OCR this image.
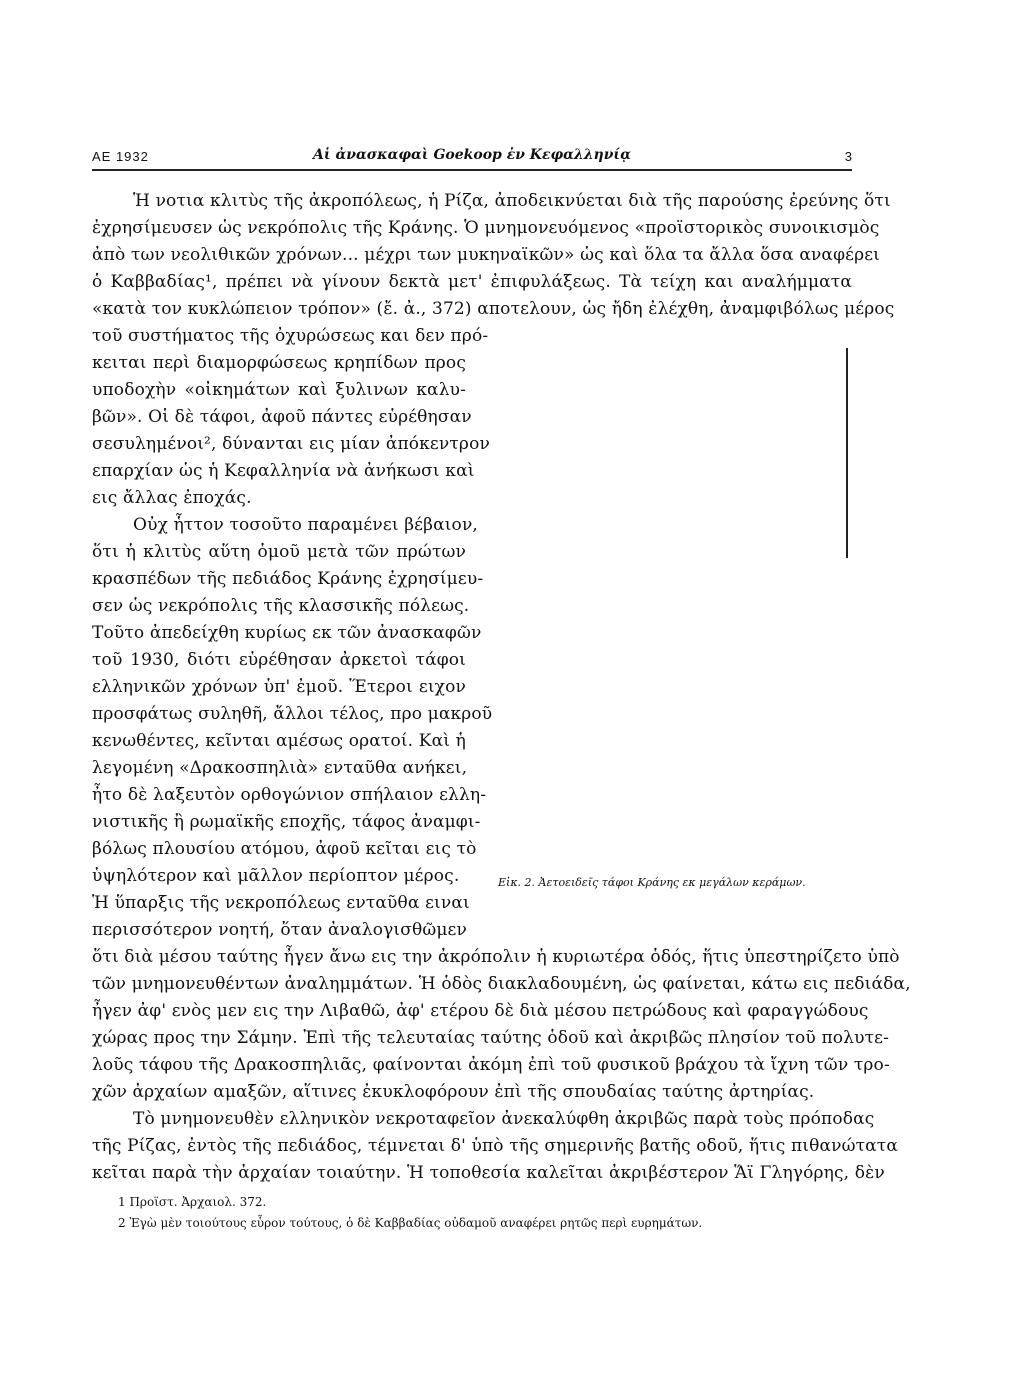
AE 1932	Αἱ ἀνασκαφαὶ Goekoop ἐν Κεφαλληνίᾳ	3
Εἰκ. 2. Ἀετοειδεῖς τάφοι Κράνης εκ μεγάλων κεράμων.
Ἡ νοτια κλιτὺς τῆς ἀκροπόλεως, ἡ Ρίζα, ἀποδεικνύεται διὰ τῆς παρούσης ἐρεύνης ὅτι
ἐχρησίμευσεν ὡς νεκρόπολις τῆς Κράνης. Ὁ μνημονευόμενος «προϊστορικὸς συνοικισμὸς
ἀπὸ των νεολιθικῶν χρόνων... μέχρι των μυκηναϊκῶν» ὡς καὶ ὅλα τα ἄλλα ὅσα αναφέρει
ὁ Καββαδίας¹, πρέπει νὰ γίνουν δεκτὰ μετ' ἐπιφυλάξεως. Τὰ τείχη και αναλήμματα
«κατὰ τον κυκλώπειον τρόπον» (ἔ. ἀ., 372) αποτελουν, ὡς ἤδη ἐλέχθη, ἀναμφιβόλως μέρος
τοῦ συστήματος τῆς ὀχυρώσεως και δεν πρό-
κειται περὶ διαμορφώσεως κρηπίδων προς
υποδοχὴν «οἰκημάτων καὶ ξυλινων καλυ-
βῶν». Οἱ δὲ τάφοι, ἀφοῦ πάντες εὑρέθησαν
σεσυλημένοι², δύνανται εις μίαν ἀπόκεντρον
επαρχίαν ὡς ἡ Κεφαλληνία νὰ ἀνήκωσι καὶ
εις ἄλλας ἐποχάς.
Οὐχ ἧττον τοσοῦτο παραμένει βέβαιον,
ὅτι ἡ κλιτὺς αὕτη ὁμοῦ μετὰ τῶν πρώτων
κρασπέδων τῆς πεδιάδος Κράνης ἐχρησίμευ-
σεν ὡς νεκρόπολις τῆς κλασσικῆς πόλεως.
Τοῦτο ἀπεδείχθη κυρίως εκ τῶν ἀνασκαφῶν
τοῦ 1930, διότι εὑρέθησαν ἀρκετοὶ τάφοι
ελληνικῶν χρόνων ὑπ' ἐμοῦ. Ἕτεροι ειχον
προσφάτως συληθῆ, ἄλλοι τέλος, προ μακροῦ
κενωθέντες, κεῖνται αμέσως ορατοί. Καὶ ἡ
λεγομένη «Δρακοσπηλιὰ» ενταῦθα ανήκει,
ἦτο δὲ λαξευτὸν ορθογώνιον σπήλαιον ελλη-
νιστικῆς ἢ ρωμαϊκῆς εποχῆς, τάφος ἀναμφι-
βόλως πλουσίου ατόμου, ἀφοῦ κεῖται εις τὸ
ὑψηλότερον καὶ μᾶλλον περίοπτον μέρος.
Ἡ ὕπαρξις τῆς νεκροπόλεως ενταῦθα ειναι
περισσότερον νοητή, ὅταν ἀναλογισθῶμεν
ὅτι διὰ μέσου ταύτης ἦγεν ἄνω εις την ἀκρόπολιν ἡ κυριωτέρα ὁδός, ἥτις ὑπεστηρίζετο ὑπὸ
τῶν μνημονευθέντων ἀναλημμάτων. Ἡ ὁδὸς διακλαδουμένη, ὡς φαίνεται, κάτω εις πεδιάδα,
ἦγεν ἀφ' ενὸς μεν εις την Λιβαθῶ, ἀφ' ετέρου δὲ διὰ μέσου πετρώδους καὶ φαραγγώδους
χώρας προς την Σάμην. Ἐπὶ τῆς τελευταίας ταύτης ὁδοῦ καὶ ἀκριβῶς πλησίον τοῦ πολυτε-
λοῦς τάφου τῆς Δρακοσπηλιᾶς, φαίνονται ἀκόμη ἐπὶ τοῦ φυσικοῦ βράχου τὰ ἴχνη τῶν τρο-
χῶν ἀρχαίων αμαξῶν, αἵτινες ἐκυκλοφόρουν ἐπὶ τῆς σπουδαίας ταύτης ἀρτηρίας.
Τὸ μνημονευθὲν ελληνικὸν νεκροταφεῖον ἀνεκαλύφθη ἀκριβῶς παρὰ τοὺς πρόποδας
τῆς Ρίζας, ἐντὸς τῆς πεδιάδος, τέμνεται δ' ὑπὸ τῆς σημερινῆς βατῆς οδοῦ, ἥτις πιθανώτατα
κεῖται παρὰ τὴν ἀρχαίαν τοιαύτην. Ἡ τοποθεσία καλεῖται ἀκριβέστερον Ἅϊ Γληγόρης, δὲν
1 Προϊστ. Ἀρχαιολ. 372.
2 Ἐγὼ μὲν τοιούτους εὗρον τούτους, ὁ δὲ Καββαδίας οὐδαμοῦ αναφέρει ρητῶς περὶ ευρημάτων.
